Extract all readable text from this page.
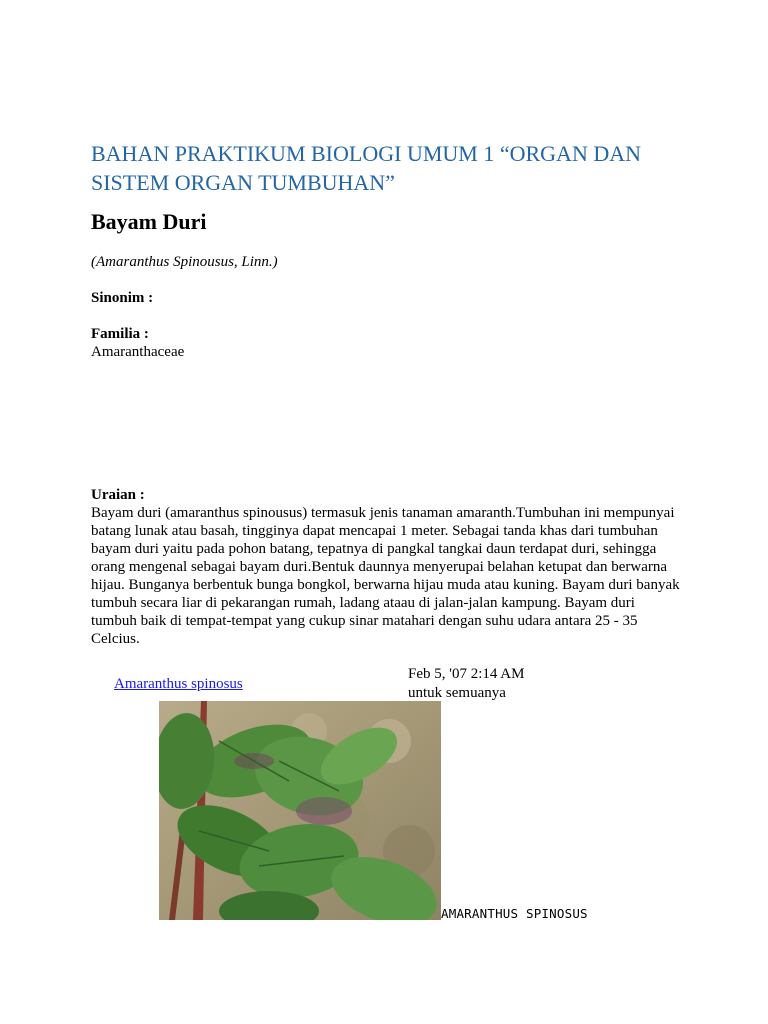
BAHAN PRAKTIKUM BIOLOGI UMUM 1 “ORGAN DAN SISTEM ORGAN TUMBUHAN”
Bayam Duri
(Amaranthus Spinousus, Linn.)
Sinonim :
Familia :
Amaranthaceae
Uraian :

Bayam duri (amaranthus spinousus) termasuk jenis tanaman amaranth.Tumbuhan ini mempunyai batang lunak atau basah, tingginya dapat mencapai 1 meter. Sebagai tanda khas dari tumbuhan bayam duri yaitu pada pohon batang, tepatnya di pangkal tangkai daun terdapat duri, sehingga orang mengenal sebagai bayam duri.Bentuk daunnya menyerupai belahan ketupat dan berwarna hijau. Bunganya berbentuk bunga bongkol, berwarna hijau muda atau kuning. Bayam duri banyak tumbuh secara liar di pekarangan rumah, ladang ataau di jalan-jalan kampung. Bayam duri tumbuh baik di tempat-tempat yang cukup sinar matahari dengan suhu udara antara 25 - 35 Celcius.

Amaranthus spinosus
Feb 5, '07 2:14 AM
untuk semuanya
AMARANTHUS SPINOSUS
